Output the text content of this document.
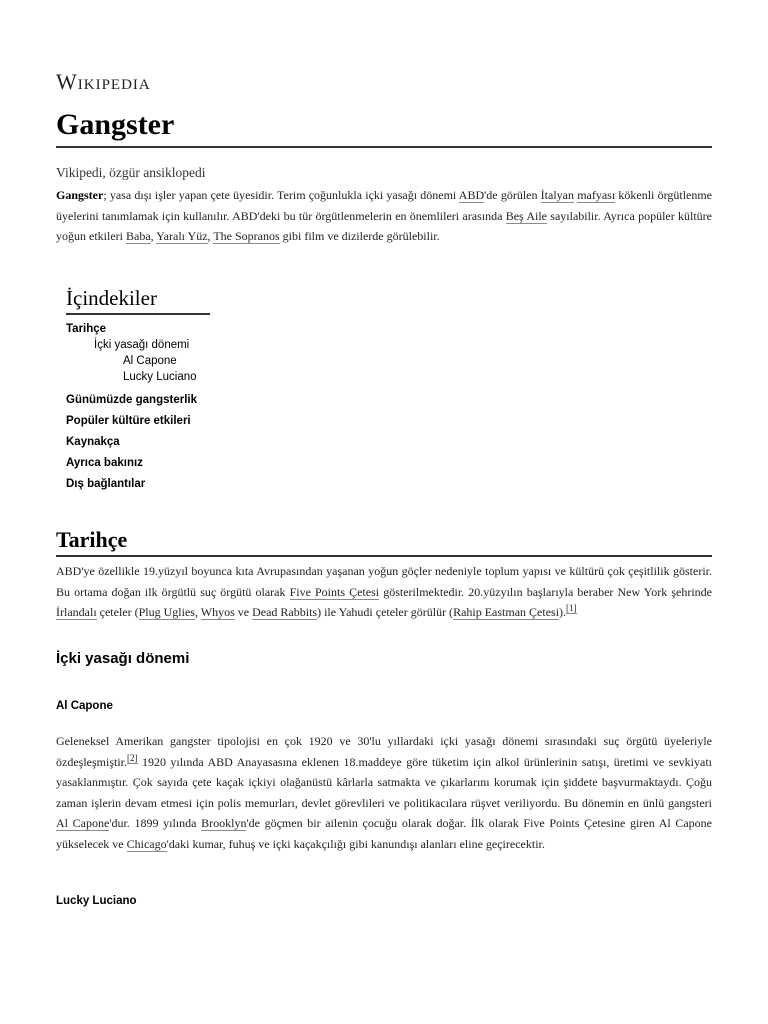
Wikipedia
Gangster
Vikipedi, özgür ansiklopedi

Gangster; yasa dışı işler yapan çete üyesidir. Terim çoğunlukla içki yasağı dönemi ABD'de görülen İtalyan mafyası kökenli örgütlenme üyelerini tanımlamak için kullanılır. ABD'deki bu tür örgütlenmelerin en önemlileri arasında Beş Aile sayılabilir. Ayrıca popüler kültüre yoğun etkileri Baba, Yaralı Yüz, The Sopranos gibi film ve dizilerde görülebilir.

İçindekiler
Tarihçe
İçki yasağı dönemi
Al Capone
Lucky Luciano
Günümüzde gangsterlik
Popüler kültüre etkileri
Kaynakça
Ayrıca bakınız
Dış bağlantılar
Tarihçe

ABD'ye özellikle 19.yüzyıl boyunca kıta Avrupasından yaşanan yoğun göçler nedeniyle toplum yapısı ve kültürü çok çeşitlilik gösterir. Bu ortama doğan ilk örgütlü suç örgütü olarak Five Points Çetesi gösterilmektedir. 20.yüzyılın başlarıyla beraber New York şehrinde İrlandalı çeteler (Plug Uglies, Whyos ve Dead Rabbits) ile Yahudi çeteler görülür (Rahip Eastman Çetesi).[1]

İçki yasağı dönemi
Al Capone

Geleneksel Amerikan gangster tipolojisi en çok 1920 ve 30'lu yıllardaki içki yasağı dönemi sırasındaki suç örgütü üyeleriyle özdeşleşmiştir.[2] 1920 yılında ABD Anayasasına eklenen 18.maddeye göre tüketim için alkol ürünlerinin satışı, üretimi ve sevkiyatı yasaklanmıştır. Çok sayıda çete kaçak içkiyi olağanüstü kârlarla satmakta ve çıkarlarını korumak için şiddete başvurmaktaydı. Çoğu zaman işlerin devam etmesi için polis memurları, devlet görevlileri ve politikacılara rüşvet veriliyordu. Bu dönemin en ünlü gangsteri Al Capone'dur. 1899 yılında Brooklyn'de göçmen bir ailenin çocuğu olarak doğar. İlk olarak Five Points Çetesine giren Al Capone yükselecek ve Chicago'daki kumar, fuhuş ve içki kaçakçılığı gibi kanundışı alanları eline geçirecektir.

Lucky Luciano
